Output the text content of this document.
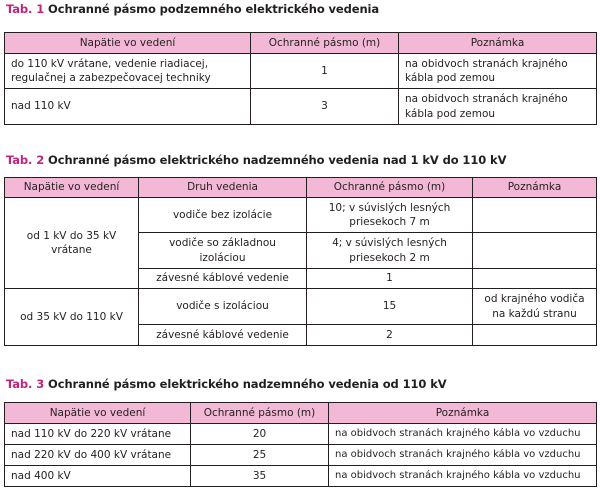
Tab. 1 Ochranné pásmo podzemného elektrického vedenia
Napätie vo vedení	Ochranné pásmo (m)	Poznámka
do 110 kV vrátane, vedenie riadiacej, regulačnej a zabezpečovacej techniky	1	na obidvoch stranách krajného kábla pod zemou
nad 110 kV	3	na obidvoch stranách krajného kábla pod zemou
Tab. 2 Ochranné pásmo elektrického nadzemného vedenia nad 1 kV do 110 kV
Napätie vo vedení	Druh vedenia	Ochranné pásmo (m)	Poznámka
od 1 kV do 35 kV vrátane	vodiče bez izolácie	10; v súvislých lesných priesekoch 7 m	
	vodiče so základnou izoláciou	4; v súvislých lesných priesekoch 2 m	
	závesné káblové vedenie	1	
od 35 kV do 110 kV	vodiče s izoláciou	15	od krajného vodiča na každú stranu
	závesné káblové vedenie	2	
Tab. 3 Ochranné pásmo elektrického nadzemného vedenia od 110 kV
Napätie vo vedení	Ochranné pásmo (m)	Poznámka
nad 110 kV do 220 kV vrátane	20	na obidvoch stranách krajného kábla vo vzduchu
nad 220 kV do 400 kV vrátane	25	na obidvoch stranách krajného kábla vo vzduchu
nad 400 kV	35	na obidvoch stranách krajného kábla vo vzduchu
